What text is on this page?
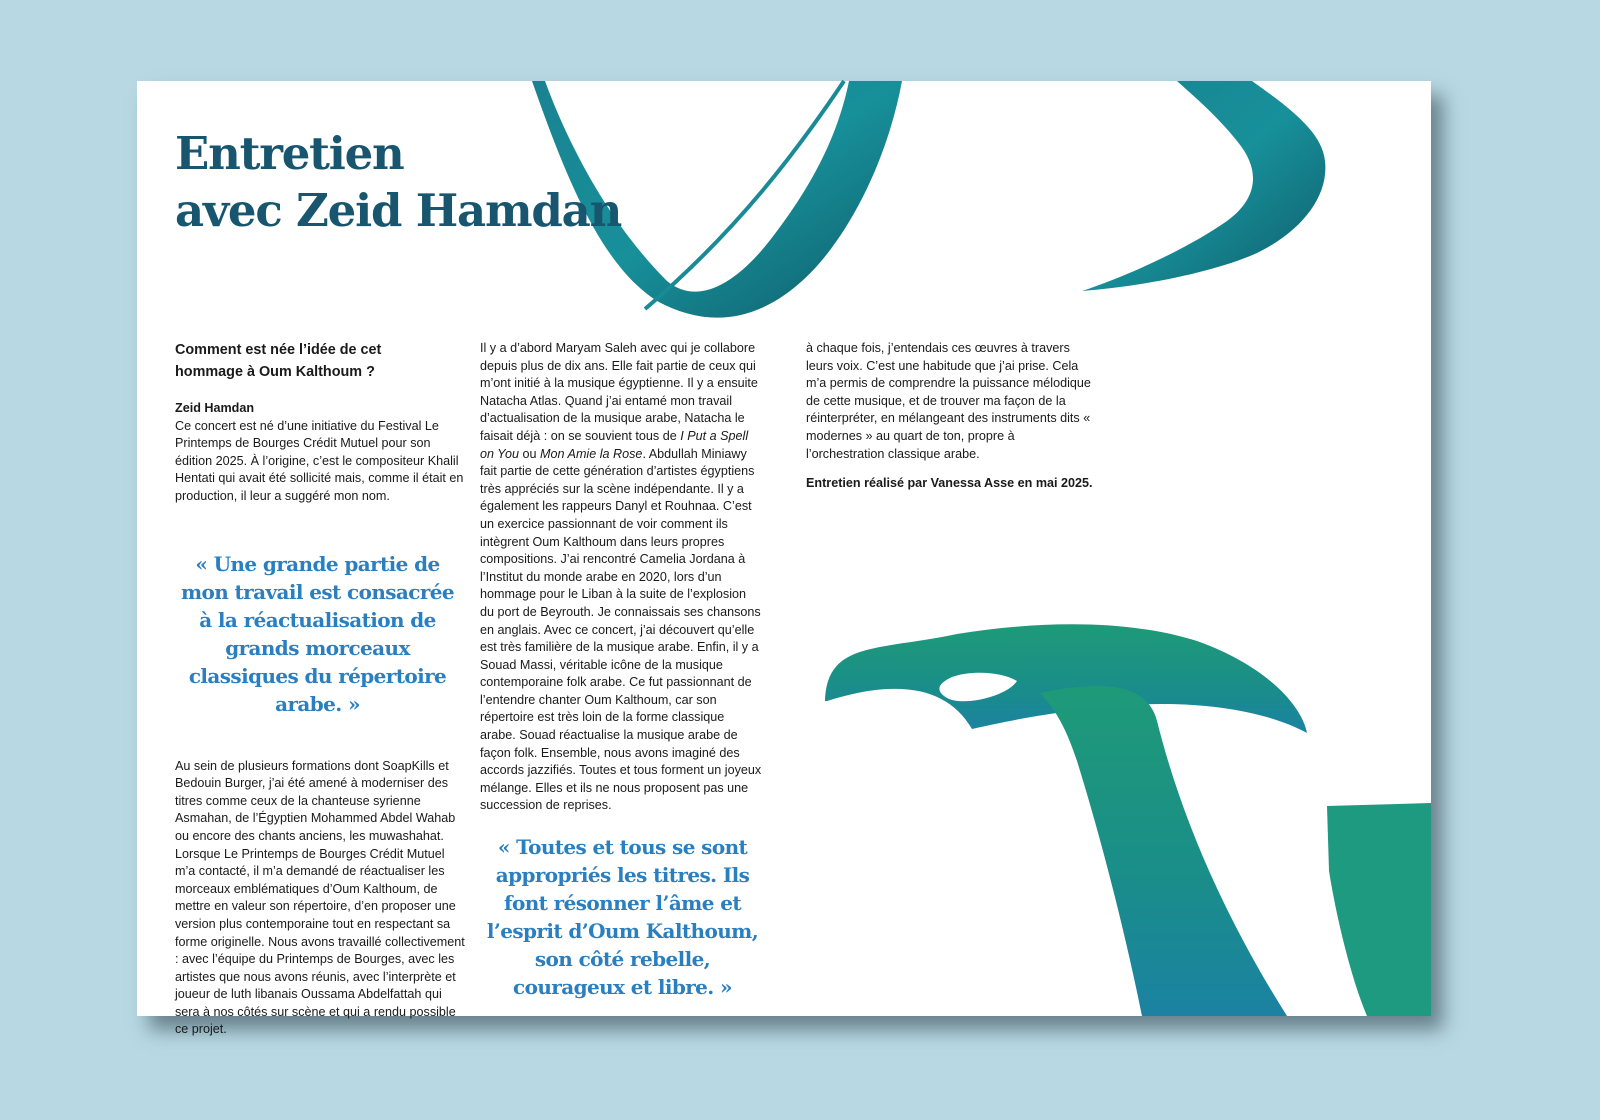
Entretien
avec Zeid Hamdan

Comment est née l’idée de cet hommage à Oum Kalthoum ?

Zeid Hamdan
Ce concert est né d’une initiative du Festival Le Printemps de Bourges Crédit Mutuel pour son édition 2025. À l’origine, c’est le compositeur Khalil Hentati qui avait été sollicité mais, comme il était en production, il leur a suggéré mon nom.

« Une grande partie de mon travail est consacrée à la réactualisation de grands morceaux classiques du répertoire arabe. »

Au sein de plusieurs formations dont SoapKills et Bedouin Burger, j’ai été amené à moderniser des titres comme ceux de la chanteuse syrienne Asmahan, de l’Égyptien Mohammed Abdel Wahab ou encore des chants anciens, les muwashahat. Lorsque Le Printemps de Bourges Crédit Mutuel m’a contacté, il m’a demandé de réactualiser les morceaux emblématiques d’Oum Kalthoum, de mettre en valeur son répertoire, d’en proposer une version plus contemporaine tout en respectant sa forme originelle. Nous avons travaillé collectivement : avec l’équipe du Printemps de Bourges, avec les artistes que nous avons réunis, avec l’interprète et joueur de luth libanais Oussama Abdelfattah qui sera à nos côtés sur scène et qui a rendu possible ce projet.

Il y a d’abord Maryam Saleh avec qui je collabore depuis plus de dix ans. Elle fait partie de ceux qui m’ont initié à la musique égyptienne. Il y a ensuite Natacha Atlas. Quand j’ai entamé mon travail d’actualisation de la musique arabe, Natacha le faisait déjà : on se souvient tous de I Put a Spell on You ou Mon Amie la Rose. Abdullah Miniawy fait partie de cette génération d’artistes égyptiens très appréciés sur la scène indépendante. Il y a également les rappeurs Danyl et Rouhnaa. C’est un exercice passionnant de voir comment ils intègrent Oum Kalthoum dans leurs propres compositions. J’ai rencontré Camelia Jordana à l’Institut du monde arabe en 2020, lors d’un hommage pour le Liban à la suite de l’explosion du port de Beyrouth. Je connaissais ses chansons en anglais. Avec ce concert, j’ai découvert qu’elle est très familière de la musique arabe. Enfin, il y a Souad Massi, véritable icône de la musique contemporaine folk arabe. Ce fut passionnant de l’entendre chanter Oum Kalthoum, car son répertoire est très loin de la forme classique arabe. Souad réactualise la musique arabe de façon folk. Ensemble, nous avons imaginé des accords jazzifiés. Toutes et tous forment un joyeux mélange. Elles et ils ne nous proposent pas une succession de reprises.

« Toutes et tous se sont appropriés les titres. Ils font résonner l’âme et l’esprit d’Oum Kalthoum, son côté rebelle, courageux et libre. »

à chaque fois, j’entendais ces œuvres à travers leurs voix. C’est une habitude que j’ai prise. Cela m’a permis de comprendre la puissance mélodique de cette musique, et de trouver ma façon de la réinterpréter, en mélangeant des instruments dits « modernes » au quart de ton, propre à l’orchestration classique arabe.

Entretien réalisé par Vanessa Asse en mai 2025.
